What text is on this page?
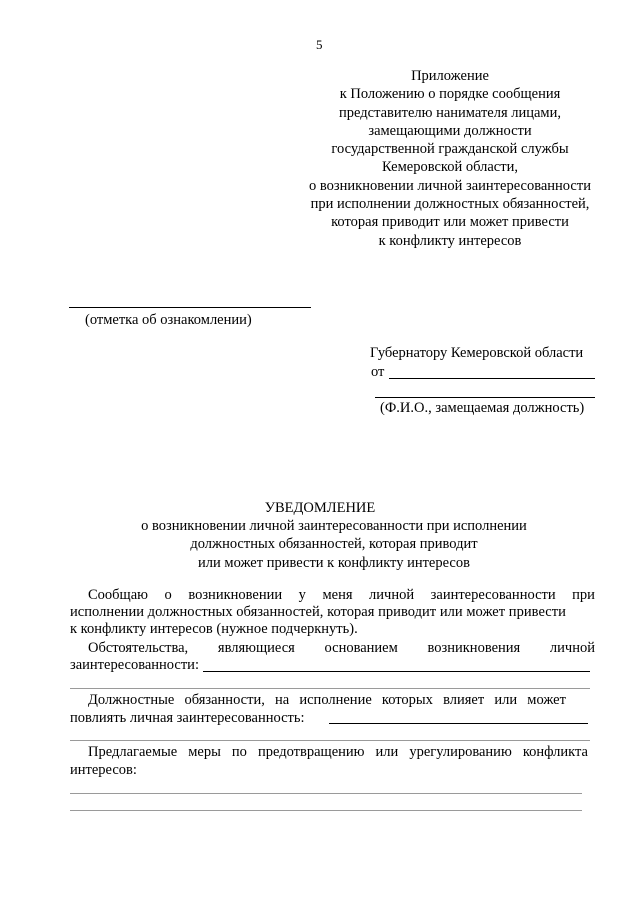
5
Приложение
к Положению о порядке сообщения
представителю нанимателя лицами,
замещающими должности
государственной гражданской службы
Кемеровской области,
о возникновении личной заинтересованности
при исполнении должностных обязанностей,
которая приводит или может привести
к конфликту интересов
(отметка об ознакомлении)
Губернатору Кемеровской области
от
(Ф.И.О., замещаемая должность)
УВЕДОМЛЕНИЕ
о возникновении личной заинтересованности при исполнении
должностных обязанностей, которая приводит
или может привести к конфликту интересов
Сообщаю о возникновении у меня личной заинтересованности при
исполнении должностных обязанностей, которая приводит или может привести
к конфликту интересов (нужное подчеркнуть).
Обстоятельства, являющиеся основанием возникновения личной
заинтересованности:
Должностные обязанности, на исполнение которых влияет или может
повлиять личная заинтересованность:
Предлагаемые меры по предотвращению или урегулированию конфликта
интересов:
